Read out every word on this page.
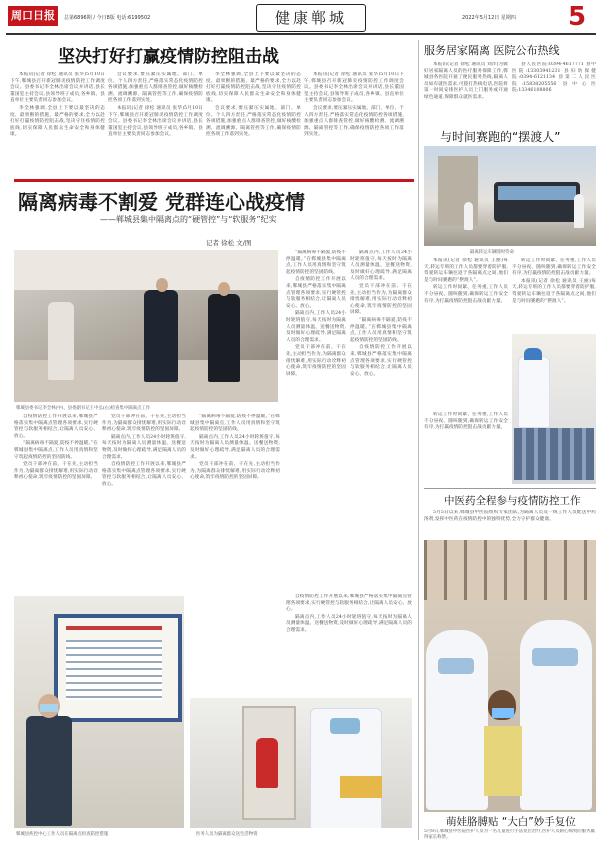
周口日报	总第6896期 / 今日8版 电话:6199502	健康郸城	2022年5月12日 星期四 5
坚决打好打赢疫情防控阻击战

本报讯(记者 徐松 通讯员 张华)5月10日下午,郸城县召开新冠肺炎疫情防控工作调度会议。县委书记李全林出席会议并讲话,县长董国玺主持会议,县领导班子成员,各乡镇、县直单位主要负责同志参加会议。

李全林强调,全县上下要以最坚决的态度、最果断的措施、最严格的要求,全力以赴打好打赢疫情防控阻击战,坚决守住疫情防控底线,切实保障人民群众生命安全和身体健康。

会议要求,要压紧压实属地、部门、单位、个人四方责任,严格落实常态化疫情防控各项措施,加强重点人群排查管控,做好核酸检测、流调溯源、隔离管控等工作,确保疫情防控各项工作落到实处。

本报讯(记者 徐松 通讯员 张华)5月10日下午,郸城县召开新冠肺炎疫情防控工作调度会议。县委书记李全林出席会议并讲话,县长董国玺主持会议,县领导班子成员,各乡镇、县直单位主要负责同志参加会议。

李全林强调,全县上下要以最坚决的态度、最果断的措施、最严格的要求,全力以赴打好打赢疫情防控阻击战,坚决守住疫情防控底线,切实保障人民群众生命安全和身体健康。

会议要求,要压紧压实属地、部门、单位、个人四方责任,严格落实常态化疫情防控各项措施,加强重点人群排查管控,做好核酸检测、流调溯源、隔离管控等工作,确保疫情防控各项工作落到实处。

本报讯(记者 徐松 通讯员 张华)5月10日下午,郸城县召开新冠肺炎疫情防控工作调度会议。县委书记李全林出席会议并讲话,县长董国玺主持会议,县领导班子成员,各乡镇、县直单位主要负责同志参加会议。

会议要求,要压紧压实属地、部门、单位、个人四方责任,严格落实常态化疫情防控各项措施,加强重点人群排查管控,做好核酸检测、流调溯源、隔离管控等工作,确保疫情防控各项工作落到实处。

隔离病毒不割爱 党群连心战疫情
——郸城县集中隔离点的“硬管控”与“软服务”纪实
记者 徐松 文/图
郸城县委书记李全林(中)、县委副书记王中弘(右)检查集中隔离点工作

“隔离病毒不隔爱,防疫不停温暖。”在郸城县集中隔离点,工作人员用真情和坚守筑起疫情防控的坚固防线。

自疫情防控工作开展以来,郸城县严格落实集中隔离点管理各项要求,实行硬管控与软服务相结合,让隔离人员安心、放心。

隔离点内,工作人员24小时轮班值守,每天按时为隔离人员测量体温、送餐送物资,及时做好心理疏导,满足隔离人员的合理需求。

党员干部冲在前、干在先,主动担当作为,为隔离群众排忧解难,用实际行动诠释初心使命,筑牢疫情防控的坚固屏障。

隔离点内,工作人员24小时轮班值守,每天按时为隔离人员测量体温、送餐送物资,及时做好心理疏导,满足隔离人员的合理需求。

党员干部冲在前、干在先,主动担当作为,为隔离群众排忧解难,用实际行动诠释初心使命,筑牢疫情防控的坚固屏障。

“隔离病毒不隔爱,防疫不停温暖。”在郸城县集中隔离点,工作人员用真情和坚守筑起疫情防控的坚固防线。

自疫情防控工作开展以来,郸城县严格落实集中隔离点管理各项要求,实行硬管控与软服务相结合,让隔离人员安心、放心。

自疫情防控工作开展以来,郸城县严格落实集中隔离点管理各项要求,实行硬管控与软服务相结合,让隔离人员安心、放心。

“隔离病毒不隔爱,防疫不停温暖。”在郸城县集中隔离点,工作人员用真情和坚守筑起疫情防控的坚固防线。

党员干部冲在前、干在先,主动担当作为,为隔离群众排忧解难,用实际行动诠释初心使命,筑牢疫情防控的坚固屏障。

党员干部冲在前、干在先,主动担当作为,为隔离群众排忧解难,用实际行动诠释初心使命,筑牢疫情防控的坚固屏障。

隔离点内,工作人员24小时轮班值守,每天按时为隔离人员测量体温、送餐送物资,及时做好心理疏导,满足隔离人员的合理需求。

自疫情防控工作开展以来,郸城县严格落实集中隔离点管理各项要求,实行硬管控与软服务相结合,让隔离人员安心、放心。

“隔离病毒不隔爱,防疫不停温暖。”在郸城县集中隔离点,工作人员用真情和坚守筑起疫情防控的坚固防线。

隔离点内,工作人员24小时轮班值守,每天按时为隔离人员测量体温、送餐送物资,及时做好心理疏导,满足隔离人员的合理需求。

党员干部冲在前、干在先,主动担当作为,为隔离群众排忧解难,用实际行动诠释初心使命,筑牢疫情防控的坚固屏障。

自疫情防控工作开展以来,郸城县严格落实集中隔离点管理各项要求,实行硬管控与软服务相结合,让隔离人员安心、放心。

隔离点内,工作人员24小时轮班值守,每天按时为隔离人员测量体温、送餐送物资,及时做好心理疏导,满足隔离人员的合理需求。

郸城县疾控中心工作人员在隔离点检查防控措施	医务人员为隔离群众送生活物资
服务居家隔离 医院公布热线

本报讯(记者 徐松 通讯员 刘洋)为做好居家隔离人员的医疗服务保障工作,郸城县各医院开通了便民服务热线,隔离人员如有就医需求,可拨打热线电话,医院将第一时间安排医护人员上门服务或开通绿色通道,保障群众就医需求。

县人民医院:0394-4617771 县中医院:13303941231 县妇幼保健院:0394-6121134 县第二人民医院:15838205556 县中心医院:13346108806

与时间赛跑的“摆渡人”
隔离转运车辆随时待命

本报讯(记者 徐松 通讯员 王丽)每天,转运专班的工作人员都要穿着防护服,驾驶转运车辆往返于各隔离点之间,他们是与时间赛跑的“摆渡人”。

转运工作时间紧、任务重,工作人员不分昼夜、随叫随到,确保转运工作安全有序,为打赢疫情防控阻击战贡献力量。

转运工作时间紧、任务重,工作人员不分昼夜、随叫随到,确保转运工作安全有序,为打赢疫情防控阻击战贡献力量。

本报讯(记者 徐松 通讯员 王丽)每天,转运专班的工作人员都要穿着防护服,驾驶转运车辆往返于各隔离点之间,他们是与时间赛跑的“摆渡人”。

转运工作时间紧、任务重,工作人员不分昼夜、随叫随到,确保转运工作安全有序,为打赢疫情防控阻击战贡献力量。

中医药全程参与疫情防控工作

5月5日以来,郸城县中医院组织专家团队,为隔离人员及一线工作人员配送中药汤剂,发挥中医药在疫情防控中的独特优势,全力守护群众健康。

萌娃胳膊贴 “大白”妙手复位
5月8日,郸城县中医院医护人员为一名儿童进行手法复位治疗,医护人员耐心细致的服务赢得家长称赞。
